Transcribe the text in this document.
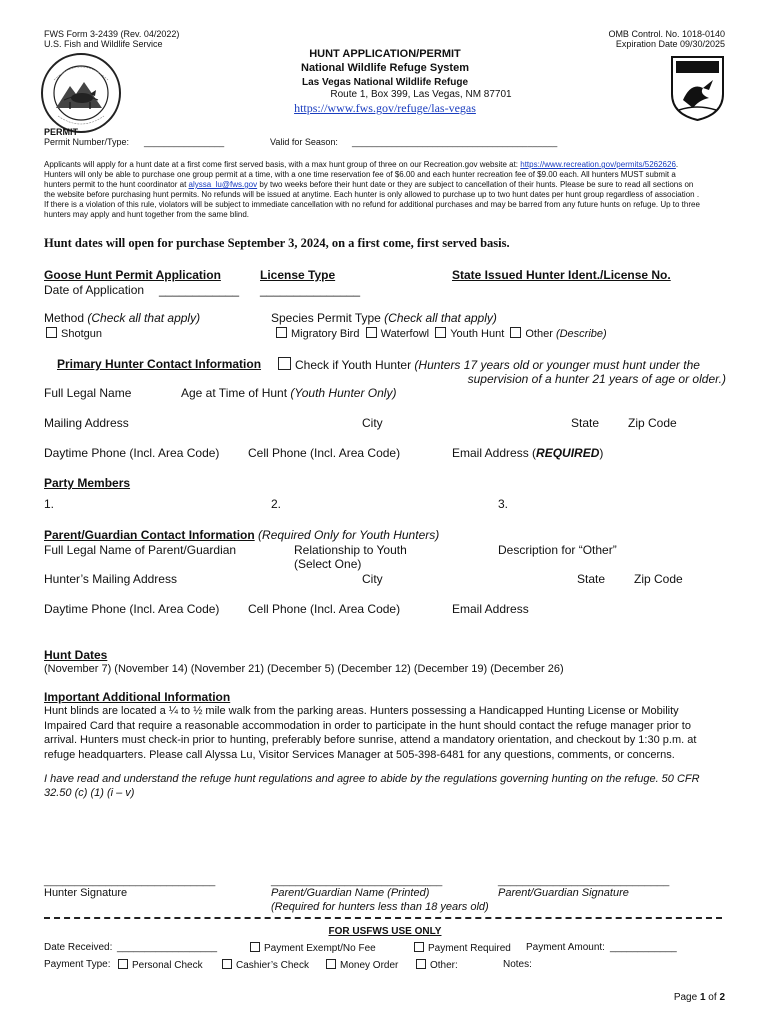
FWS Form 3-2439 (Rev. 04/2022)
U.S. Fish and Wildlife Service
OMB Control. No. 1018-0140
Expiration Date 09/30/2025
HUNT APPLICATION/PERMIT
National Wildlife Refuge System
Las Vegas National Wildlife Refuge
Route 1, Box 399, Las Vegas, NM 87701
https://www.fws.gov/refuge/las-vegas
PERMIT
Permit Number/Type: ________________	Valid for Season: _________________________________________
Applicants will apply for a hunt date at a first come first served basis, with a max hunt group of three on our Recreation.gov website at: https://www.recreation.gov/permits/5262626. Hunters will only be able to purchase one group permit at a time, with a one time reservation fee of $6.00 and each hunter recreation fee of $9.00 each. All hunters MUST submit a hunters permit to the hunt coordinator at alyssa_lu@fws.gov by two weeks before their hunt date or they are subject to cancellation of their hunts. Please be sure to read all sections on the website before purchasing hunt permits. No refunds will be issued at anytime. Each hunter is only allowed to purchase up to two hunt dates per hunt group regardless of association . If there is a violation of this rule, violators will be subject to immediate cancellation with no refund for additional purchases and may be barred from any future hunts on refuge. Up to three hunters may apply and hunt together from the same blind.
Hunt dates will open for purchase September 3, 2024, on a first come, first served basis.
Goose Hunt Permit Application	License Type	State Issued Hunter Ident./License No.
Date of Application ____________ _______________
Method (Check all that apply)
Shotgun
Species Permit Type (Check all that apply)
Migratory Bird Waterfowl Youth Hunt Other (Describe)
Primary Hunter Contact Information	Check if Youth Hunter (Hunters 17 years old or younger must hunt under the
supervision of a hunter 21 years of age or older.)
Full Legal Name	Age at Time of Hunt (Youth Hunter Only)
Mailing Address	City	State Zip Code
Daytime Phone (Incl. Area Code) Cell Phone (Incl. Area Code)	Email Address (REQUIRED)
Party Members
1.	2.	3.
Parent/Guardian Contact Information (Required Only for Youth Hunters)
Full Legal Name of Parent/Guardian	Relationship to Youth
(Select One)
Description for “Other”
Hunter’s Mailing Address	City	State Zip Code
Daytime Phone (Incl. Area Code) Cell Phone (Incl. Area Code)	Email Address
Hunt Dates
(November 7) (November 14) (November 21) (December 5) (December 12) (December 19) (December 26)
Important Additional Information
Hunt blinds are located a ¼ to ½ mile walk from the parking areas. Hunters possessing a Handicapped Hunting License or Mobility Impaired Card that require a reasonable accommodation in order to participate in the hunt should contact the refuge manager prior to arrival. Hunters must check-in prior to hunting, preferably before sunrise, attend a mandatory orientation, and checkout by 1:30 p.m. at refuge headquarters. Please call Alyssa Lu, Visitor Services Manager at 505-398-6481 for any questions, comments, or concerns.
I have read and understand the refuge hunt regulations and agree to abide by the regulations governing hunting on the refuge. 50 CFR 32.50 (c) (1) (i – v)
____________________________	____________________________	____________________________
Hunter Signature	Parent/Guardian Name (Printed)
(Required for hunters less than 18 years old)
Parent/Guardian Signature
FOR USFWS USE ONLY
Date Received: __________________	Payment Exempt/No Fee	Payment Required Payment Amount: ____________
Payment Type:	Personal Check	Cashier’s Check	Money Order	Other:	Notes:
Page 1 of 2
